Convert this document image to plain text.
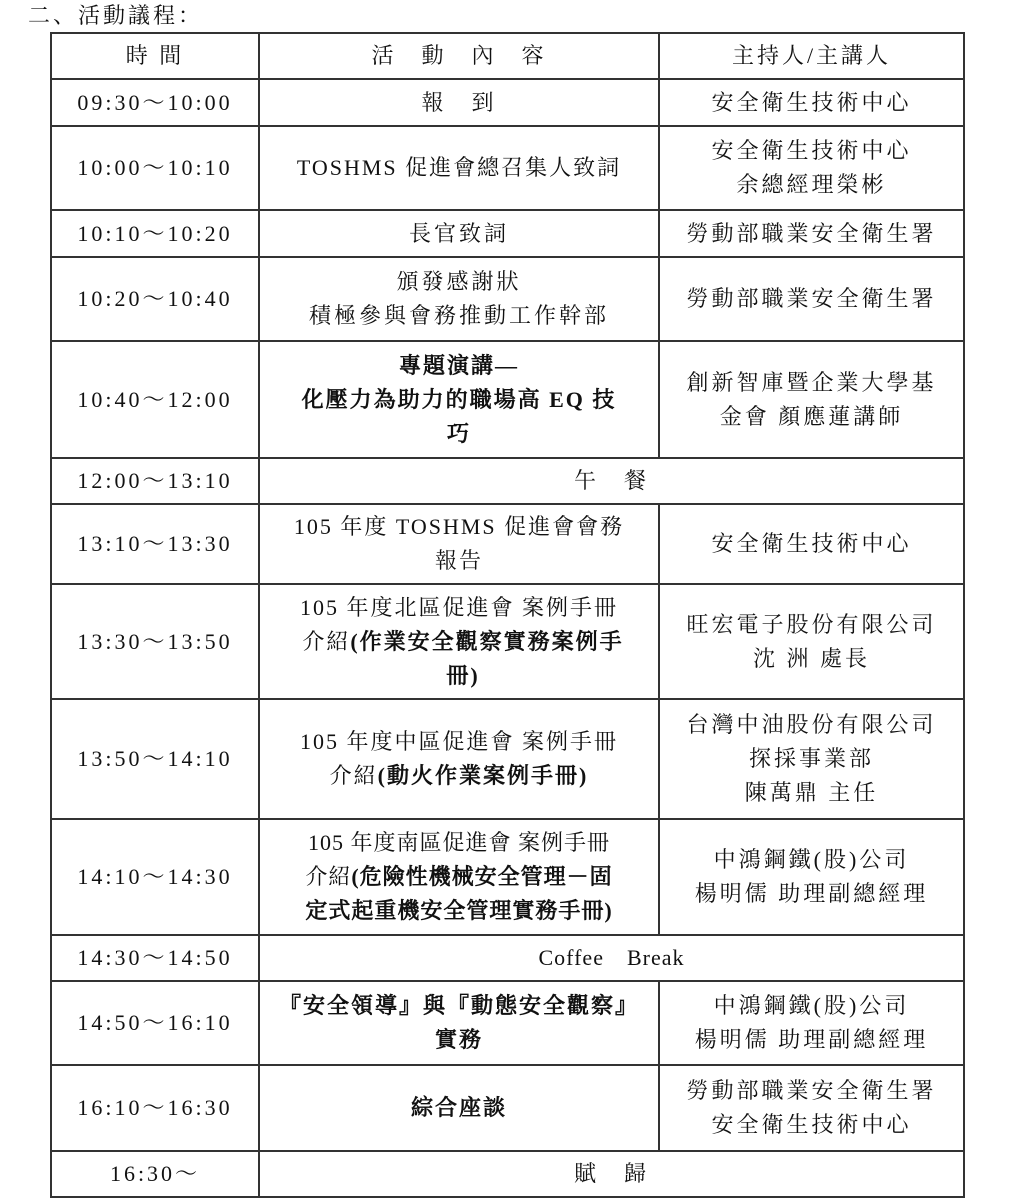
二、活動議程：
時 間	活　動　內　容	主持人/主講人
09:30～10:00	報　到	安全衛生技術中心

10:00～10:10	TOSHMS 促進會總召集人致詞	安全衛生技術中心
余總經理榮彬

10:10～10:20	長官致詞	勞動部職業安全衛生署

10:20～10:40	頒發感謝狀
積極參與會務推動工作幹部	勞動部職業安全衛生署

10:40～12:00	專題演講—
化壓力為助力的職場高 EQ 技
巧	創新智庫暨企業大學基
金會 顏應蓮講師

12:00～13:10	午　餐	

13:10～13:30	105 年度 TOSHMS 促進會會務
報告	安全衛生技術中心

13:30～13:50	105 年度北區促進會 案例手冊
介紹(作業安全觀察實務案例手
冊)	旺宏電子股份有限公司
沈 洲 處長

13:50～14:10	105 年度中區促進會 案例手冊
介紹(動火作業案例手冊)	台灣中油股份有限公司
探採事業部
陳萬鼎 主任

14:10～14:30	105 年度南區促進會 案例手冊
介紹(危險性機械安全管理－固
定式起重機安全管理實務手冊)	中鴻鋼鐵(股)公司
楊明儒 助理副總經理

14:30～14:50	Coffee　Break	

14:50～16:10	『安全領導』與『動態安全觀察』
實務	中鴻鋼鐵(股)公司
楊明儒 助理副總經理

16:10～16:30	綜合座談	勞動部職業安全衛生署
安全衛生技術中心

16:30～	賦　歸	
